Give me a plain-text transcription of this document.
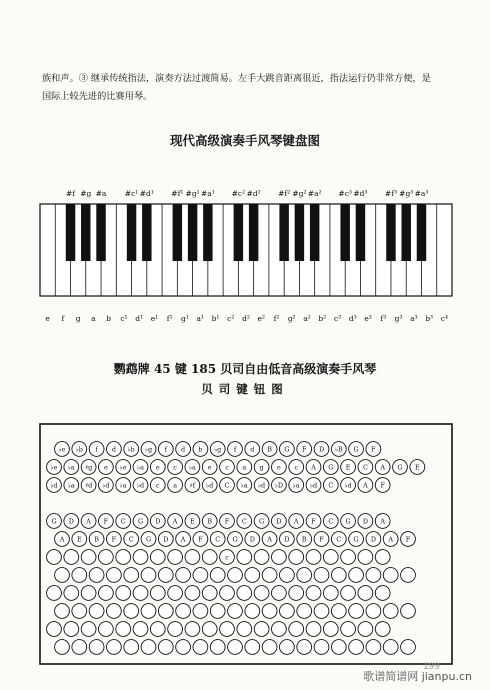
族和声。③ 继承传统指法，演奏方法过渡简易。左手大跳音距离很近，指法运行仍非常方便，是
国际上较先进的比赛用琴。

现代高级演奏手风琴键盘图
e f g a b c¹ d¹ e¹ f¹ g¹ a¹ b¹ c² d² e² f² g² a² b² c³ d³ e³ f³ g³ a³ b³ c⁴
#f #g #a #c¹ #d¹ #f¹ #g¹ #a¹ #c² #d² #f² #g² #a² #c³ #d³ #f³ #g³ #a³
♭e ♭b f d ♭b ♭g f d b ♭g f d B G F D ♭B G F
♭e ♭a ♯g e ♭e ♭a e c ♭a e c a g e c A G E C A G E
♭d ♭a ♯d ♭d ♭a ♭d c a ♯f ♭d C ♭a ♭d ♭D ♭a ♭d C ♭d A F
G D A F C G D A E B F C G D A F C G D A
A E B F C G D A F C G D A D B F C G D A F
c
鹦鹉牌 45 键 185 贝司自由低音高级演奏手风琴
贝司键钮图
199
歌谱简谱网 jianpu.cn
